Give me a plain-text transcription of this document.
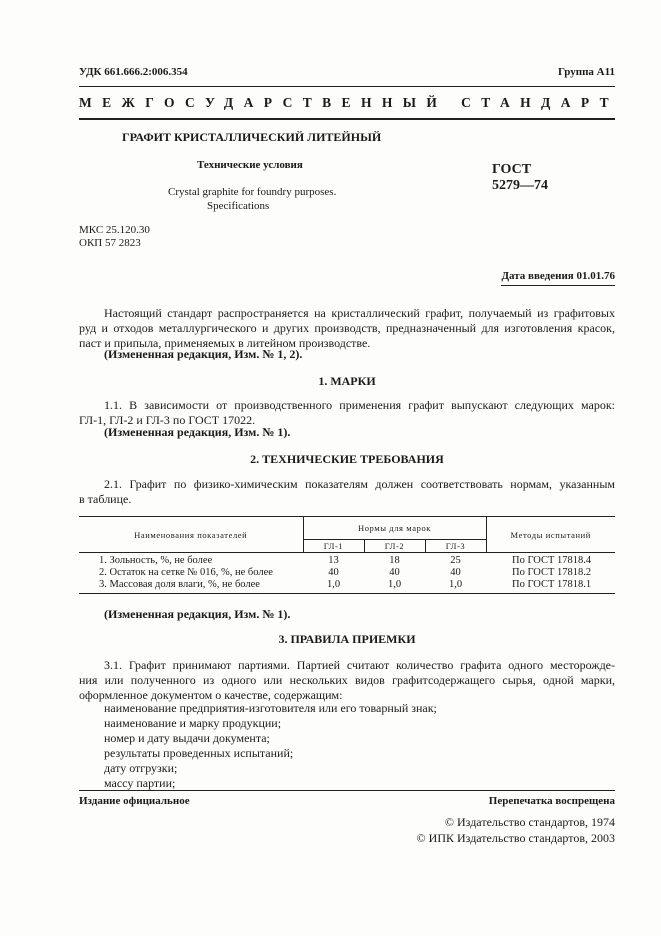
УДК 661.666.2:006.354	Группа А11
МЕЖГОСУДАРСТВЕННЫЙ СТАНДАРТ
ГРАФИТ КРИСТАЛЛИЧЕСКИЙ ЛИТЕЙНЫЙ
Технические условия
Crystal graphite for foundry purposes.
Specifications
ГОСТ
5279—74
МКС 25.120.30
ОКП 57 2823
Дата введения 01.01.76
Настоящий стандарт распространяется на кристаллический графит, получаемый из графитовых
руд и отходов металлургического и других производств, предназначенный для изготовления красок,
паст и припыла, применяемых в литейном производстве.
(Измененная редакция, Изм. № 1, 2).
1. МАРКИ
1.1. В зависимости от производственного применения графит выпускают следующих марок:
ГЛ-1, ГЛ-2 и ГЛ-3 по ГОСТ 17022.
(Измененная редакция, Изм. № 1).
2. ТЕХНИЧЕСКИЕ ТРЕБОВАНИЯ
2.1. Графит по физико-химическим показателям должен соответствовать нормам, указанным
в таблице.
Наименования показателей	Нормы для марок			Методы испытаний
	ГЛ-1	ГЛ-2	ГЛ-3	
1. Зольность, %, не более	13	18	25	По ГОСТ 17818.4
2. Остаток на сетке № 016, %, не более	40	40	40	По ГОСТ 17818.2
3. Массовая доля влаги, %, не более	1,0	1,0	1,0	По ГОСТ 17818.1
(Измененная редакция, Изм. № 1).
3. ПРАВИЛА ПРИЕМКИ
3.1. Графит принимают партиями. Партией считают количество графита одного месторожде-
ния или полученного из одного или нескольких видов графитсодержащего сырья, одной марки,
оформленное документом о качестве, содержащим:
наименование предприятия-изготовителя или его товарный знак;
наименование и марку продукции;
номер и дату выдачи документа;
результаты проведенных испытаний;
дату отгрузки;
массу партии;
Издание официальное	Перепечатка воспрещена
© Издательство стандартов, 1974
© ИПК Издательство стандартов, 2003
